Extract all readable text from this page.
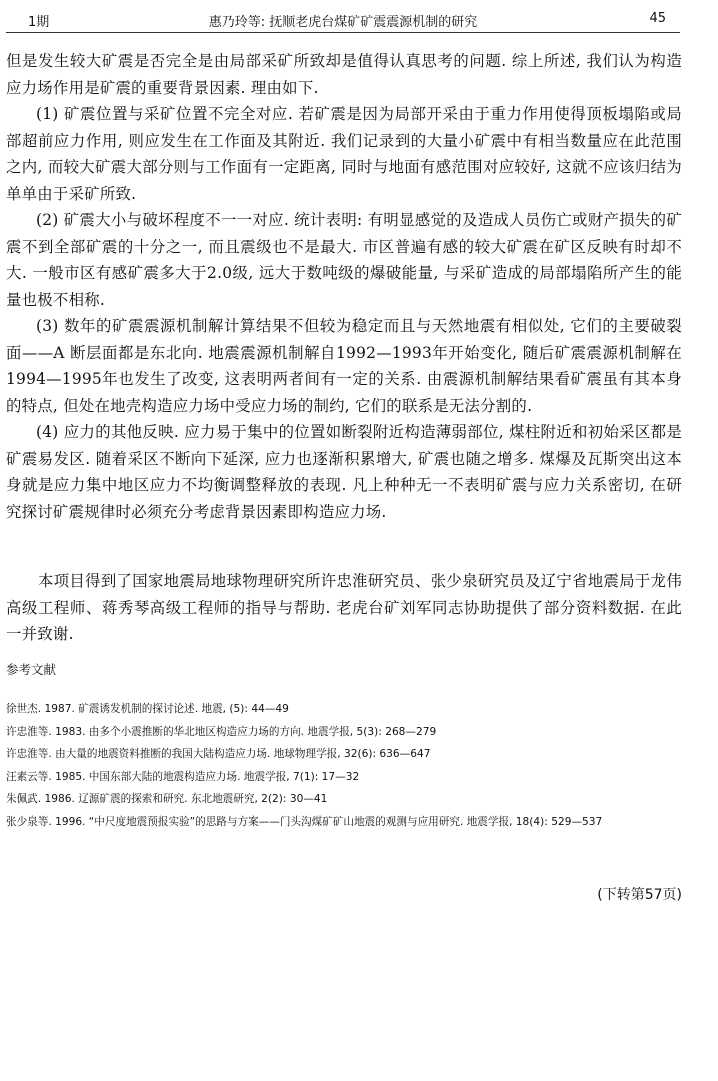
1期	惠乃玲等: 抚顺老虎台煤矿矿震震源机制的研究	45

但是发生较大矿震是否完全是由局部采矿所致却是值得认真思考的问题. 综上所述, 我们认为构造应力场作用是矿震的重要背景因素. 理由如下.

(1) 矿震位置与采矿位置不完全对应. 若矿震是因为局部开采由于重力作用使得顶板塌陷或局部超前应力作用, 则应发生在工作面及其附近. 我们记录到的大量小矿震中有相当数量应在此范围之内, 而较大矿震大部分则与工作面有一定距离, 同时与地面有感范围对应较好, 这就不应该归结为单单由于采矿所致.

(2) 矿震大小与破坏程度不一一对应. 统计表明: 有明显感觉的及造成人员伤亡或财产损失的矿震不到全部矿震的十分之一, 而且震级也不是最大. 市区普遍有感的较大矿震在矿区反映有时却不大. 一般市区有感矿震多大于2.0级, 远大于数吨级的爆破能量, 与采矿造成的局部塌陷所产生的能量也极不相称.

(3) 数年的矿震震源机制解计算结果不但较为稳定而且与天然地震有相似处, 它们的主要破裂面——A 断层面都是东北向. 地震震源机制解自1992—1993年开始变化, 随后矿震震源机制解在1994—1995年也发生了改变, 这表明两者间有一定的关系. 由震源机制解结果看矿震虽有其本身的特点, 但处在地壳构造应力场中受应力场的制约, 它们的联系是无法分割的.

(4) 应力的其他反映. 应力易于集中的位置如断裂附近构造薄弱部位, 煤柱附近和初始采区都是矿震易发区. 随着采区不断向下延深, 应力也逐渐积累增大, 矿震也随之增多. 煤爆及瓦斯突出这本身就是应力集中地区应力不均衡调整释放的表现. 凡上种种无一不表明矿震与应力关系密切, 在研究探讨矿震规律时必须充分考虑背景因素即构造应力场.

本项目得到了国家地震局地球物理研究所许忠淮研究员、张少泉研究员及辽宁省地震局于龙伟高级工程师、蒋秀琴高级工程师的指导与帮助. 老虎台矿刘军同志协助提供了部分资料数据. 在此一并致谢.

参考文献

徐世杰. 1987. 矿震诱发机制的探讨论述. 地震, (5): 44—49
许忠淮等. 1983. 由多个小震推断的华北地区构造应力场的方向. 地震学报, 5(3): 268—279
许忠淮等. 由大量的地震资料推断的我国大陆构造应力场. 地球物理学报, 32(6): 636—647
汪素云等. 1985. 中国东部大陆的地震构造应力场. 地震学报, 7(1): 17—32
朱佩武. 1986. 辽源矿震的探索和研究. 东北地震研究, 2(2): 30—41
张少泉等. 1996. “中尺度地震预报实验”的思路与方案——门头沟煤矿矿山地震的观测与应用研究. 地震学报, 18(4): 529—537
(下转第57页)
